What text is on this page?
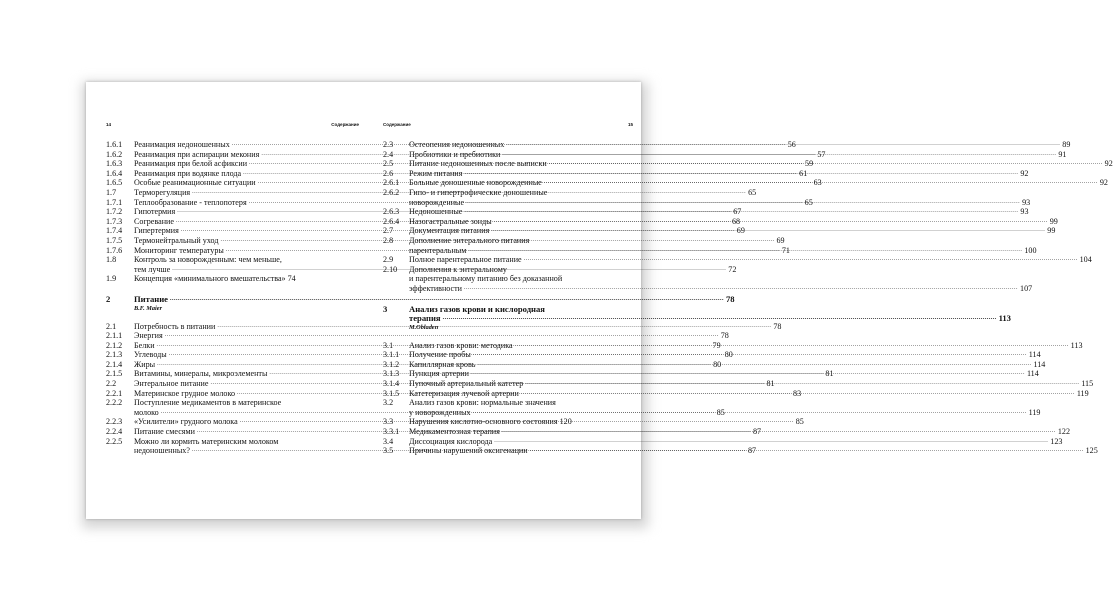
14	Содержание
1.6.1	Реанимация недоношенных .....	56
1.6.2	Реанимация при аспирации мекония .....	57
1.6.3	Реанимация при белой асфиксии .....	59
1.6.4	Реанимация при водянке плода .....	61
1.6.5	Особые реанимационные ситуации .....	63
1.7	Терморегуляция .....	65
1.7.1	Теплообразование - теплопотеря .....	65
1.7.2	Гипотермия .....	67
1.7.3	Согревание .....	68
1.7.4	Гипертермия .....	69
1.7.5	Термонейтральный уход .....	69
1.7.6	Мониторинг температуры .....	71
1.8	Контроль за новорожденным: чем меньше,
тем лучше .....	72
1.9	Концепция «минимального вмешательства» 74
2	Питание .....	78
B.F. Maier
2.1	Потребность в питании .....	78
2.1.1	Энергия .....	78
2.1.2	Белки .....	79
2.1.3	Углеводы .....	80
2.1.4	Жиры .....	80
2.1.5	Витамины, минералы, микроэлементы .....	81
2.2	Энтеральное питание .....	81
2.2.1	Материнское грудное молоко .....	83
2.2.2	Поступление медикаментов в материнское
молоко .....	85
2.2.3	«Усилители» грудного молока .....	85
2.2.4	Питание смесями .....	87
2.2.5	Можно ли кормить материнским молоком
недоношенных? .....	87
Содержание	15
2.3	Остеопения недоношенных .....	89
2.4	Пробиотики и пребиотики .....	91
2.5	Питание недоношенных после выписки .....	92
2.6	Режим питания .....	92
2.6.1	Больные доношенные новорожденные .....	92
2.6.2	Гипо- и гипертрофические доношенные
новорожденные .....	93
2.6.3	Недоношенные .....	93
2.6.4	Назогастральные зонды .....	99
2.7	Документация питания .....	99
2.8	Дополнение энтерального питания
парентеральным .....	100
2.9	Полное парентеральное питание .....	104
2.10	Дополнения к энтеральному
и парентеральному питанию без доказанной
эффективности .....	107
3	Анализ газов крови и кислородная
терапия .....	113
M.Obladen
3.1	Анализ газов крови: методика .....	113
3.1.1	Получение пробы .....	114
3.1.2	Капиллярная кровь .....	114
3.1.3	Пункция артерии .....	114
3.1.4	Пупочный артериальный катетер .....	115
3.1.5	Катетеризация лучевой артерии .....	119
3.2	Анализ газов крови: нормальные значения
у новорожденных .....	119
3.3	Нарушения кислотно-основного состояния 120
3.3.1	Медикаментозная терапия .....	122
3.4	Диссоциация кислорода .....	123
3.5	Причины нарушений оксигенации .....	125
